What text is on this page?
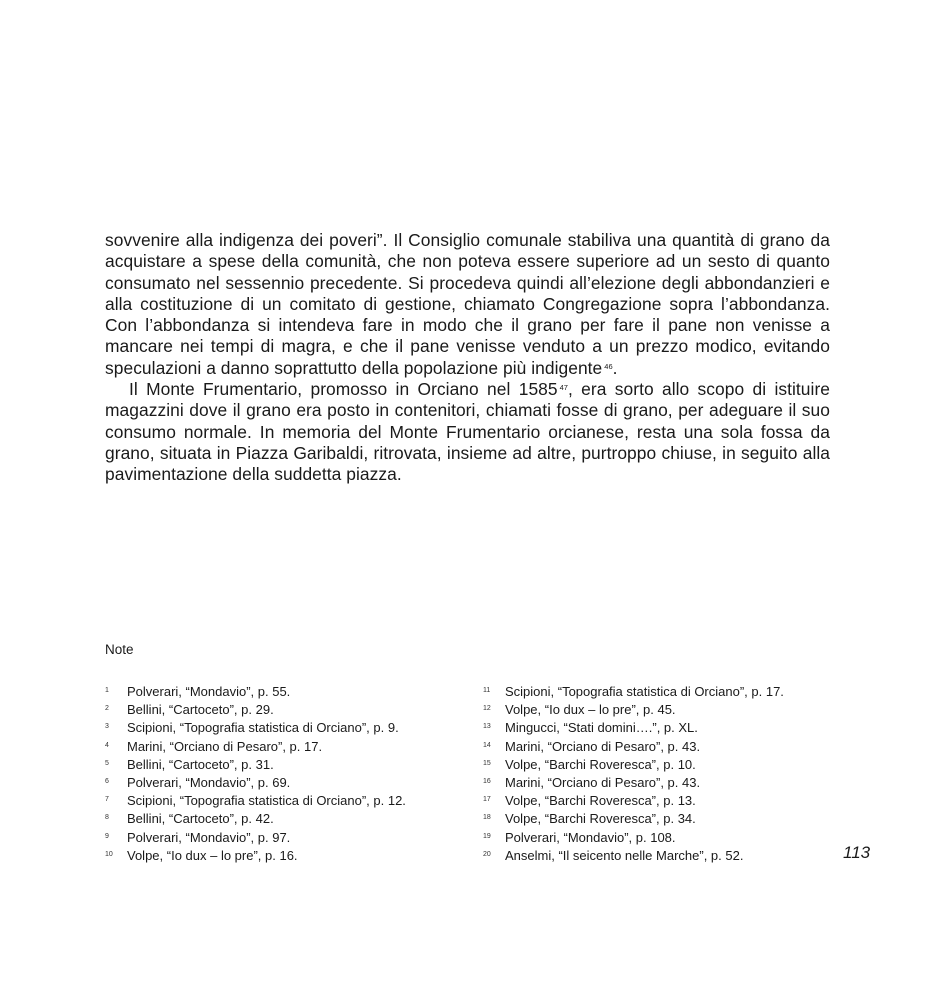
sovvenire alla indigenza dei poveri”. Il Consiglio comunale stabiliva una quantità di grano da acquistare a spese della comunità, che non poteva essere superiore ad un sesto di quanto consumato nel sessennio precedente. Si procedeva quindi all’elezione degli abbondanzieri e alla costituzione di un comitato di gestione, chiamato Congregazione sopra l’abbondanza. Con l’abbondanza si intendeva fare in modo che il grano per fare il pane non venisse a mancare nei tempi di magra, e che il pane venisse venduto a un prezzo modico, evitando speculazioni a danno soprattutto della popolazione più indigente $^{46}$.

Il Monte Frumentario, promosso in Orciano nel 1585 $^{47}$, era sorto allo scopo di istituire magazzini dove il grano era posto in contenitori, chiamati fosse di grano, per adeguare il suo consumo normale. In memoria del Monte Frumentario orcianese, resta una sola fossa da grano, situata in Piazza Garibaldi, ritrovata, insieme ad altre, purtroppo chiuse, in seguito alla pavimentazione della suddetta piazza.

Note
1	Polverari, “Mondavio”, p. 55.
2	Bellini, “Cartoceto”, p. 29.
3	Scipioni, “Topografia statistica di Orciano”, p. 9.
4	Marini, “Orciano di Pesaro”, p. 17.
5	Bellini, “Cartoceto”, p. 31.
6	Polverari, “Mondavio”, p. 69.
7	Scipioni, “Topografia statistica di Orciano”, p. 12.
8	Bellini, “Cartoceto”, p. 42.
9	Polverari, “Mondavio”, p. 97.
10	Volpe, “Io dux – lo pre”, p. 16.
11	Scipioni, “Topografia statistica di Orciano”, p. 17.
12	Volpe, “Io dux – lo pre”, p. 45.
13	Minguccі, “Stati domini….”, p. XL.
14	Marini, “Orciano di Pesaro”, p. 43.
15	Volpe, “Barchi Roveresca”, p. 10.
16	Marini, “Orciano di Pesaro”, p. 43.
17	Volpe, “Barchi Roveresca”, p. 13.
18	Volpe, “Barchi Roveresca”, p. 34.
19	Polverari, “Mondavio”, p. 108.
20	Anselmi, “Il seicento nelle Marche”, p. 52.	113
